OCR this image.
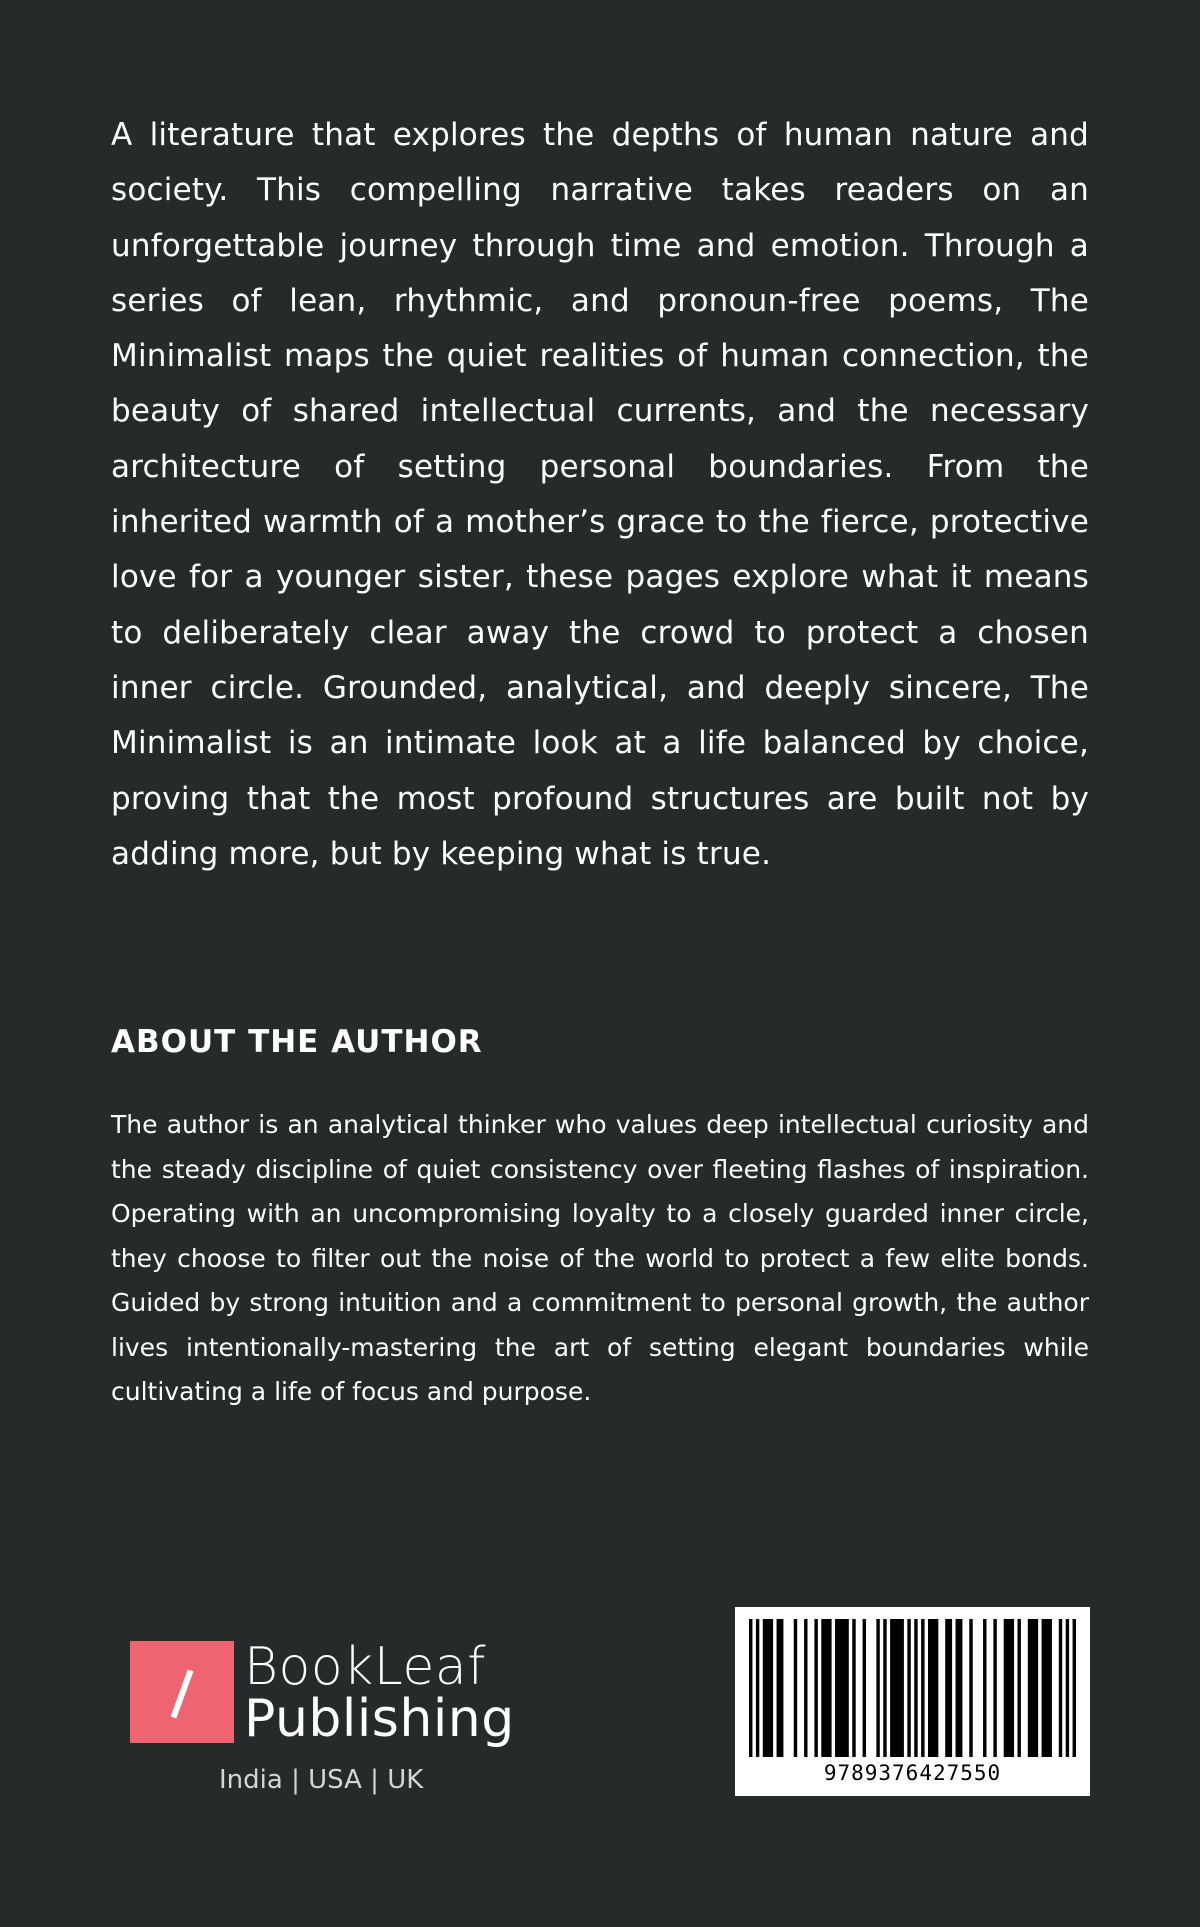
A literature that explores the depths of human nature and society. This compelling narrative takes readers on an unforgettable journey through time and emotion. Through a series of lean, rhythmic, and pronoun-free poems, The Minimalist maps the quiet realities of human connection, the beauty of shared intellectual currents, and the necessary architecture of setting personal boundaries. From the inherited warmth of a mother’s grace to the fierce, protective love for a younger sister, these pages explore what it means to deliberately clear away the crowd to protect a chosen inner circle. Grounded, analytical, and deeply sincere, The Minimalist is an intimate look at a life balanced by choice, proving that the most profound structures are built not by adding more, but by keeping what is true.

ABOUT THE AUTHOR

The author is an analytical thinker who values deep intellectual curiosity and the steady discipline of quiet consistency over fleeting flashes of inspiration. Operating with an uncompromising loyalty to a closely guarded inner circle, they choose to filter out the noise of the world to protect a few elite bonds. Guided by strong intuition and a commitment to personal growth, the author lives intentionally-mastering the art of setting elegant boundaries while cultivating a life of focus and purpose.

BookLeaf
Publishing
India | USA | UK	9789376427550
